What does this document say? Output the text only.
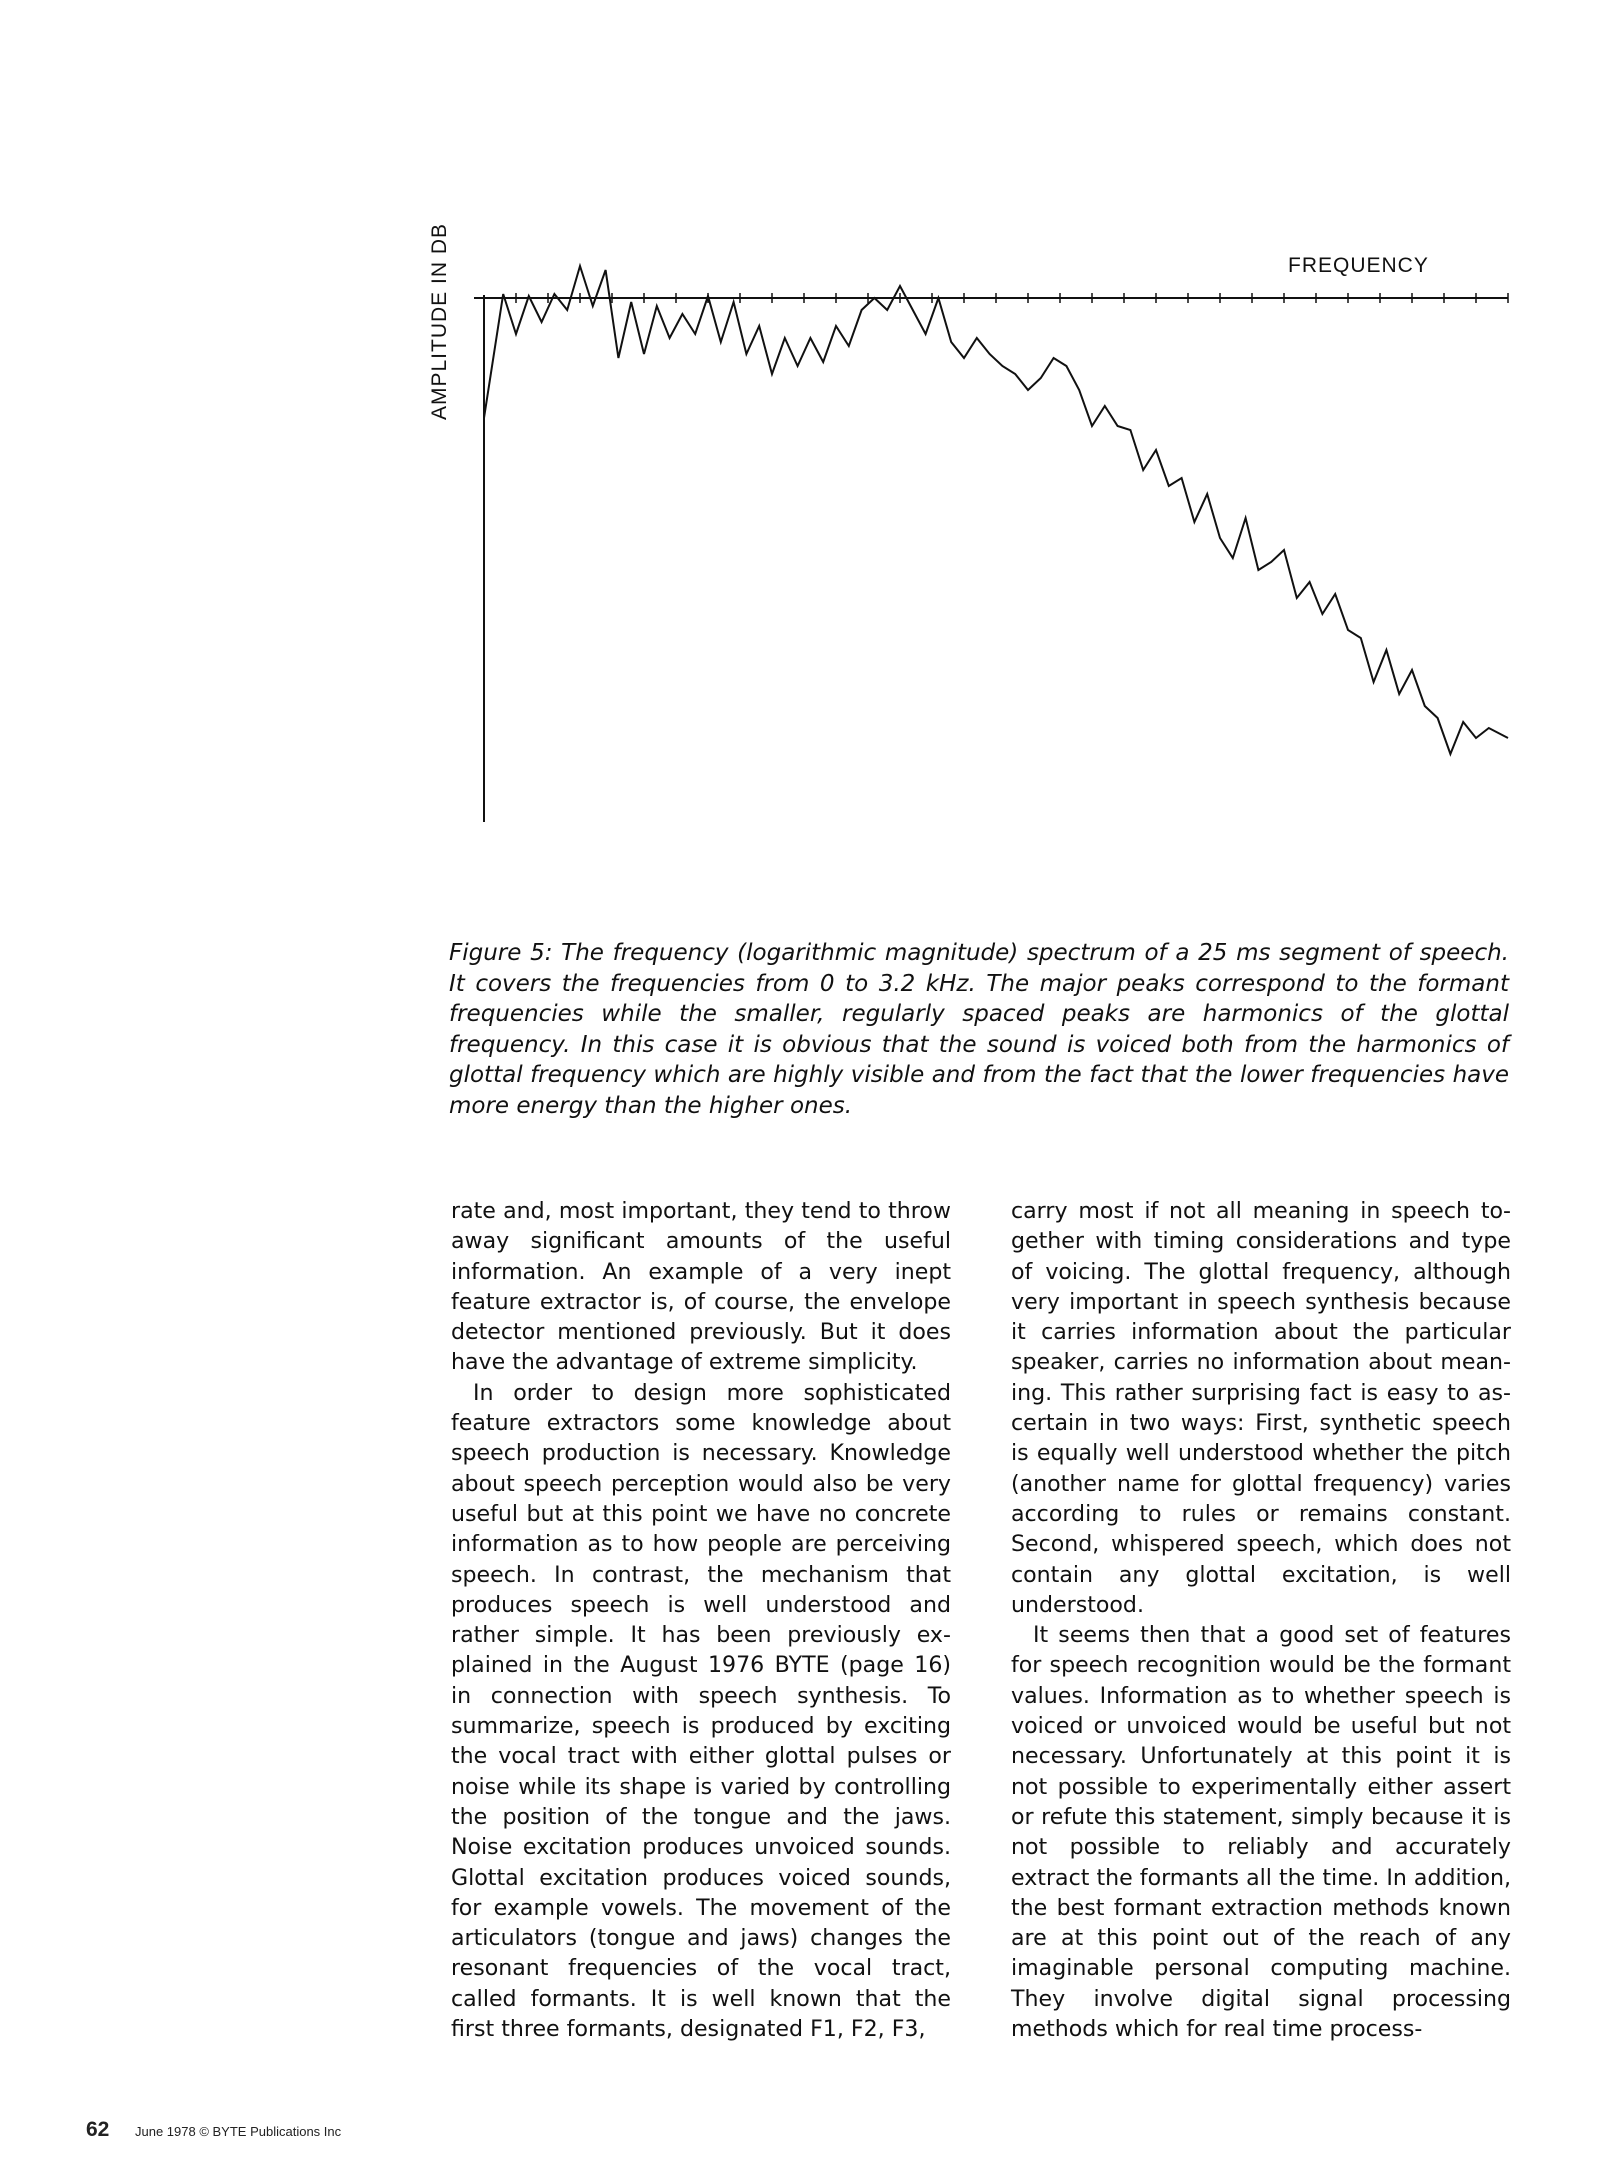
AMPLITUDE IN DB	FREQUENCY

Figure 5: The frequency (logarithmic magnitude) spectrum of a 25 ms segment of speech. It covers the frequencies from 0 to 3.2 kHz. The major peaks correspond to the formant frequencies while the smaller, regularly spaced peaks are harmonics of the glottal frequency. In this case it is obvious that the sound is voiced both from the harmonics of glottal frequency which are highly visible and from the fact that the lower frequencies have more energy than the higher ones.

rate and, most important, they tend to throw away significant amounts of the useful information. An example of a very inept feature extractor is, of course, the envelope detector mentioned previously. But it does have the advantage of extreme simplicity.

In order to design more sophisticated feature extractors some knowledge about speech production is necessary. Knowledge about speech perception would also be very useful but at this point we have no concrete information as to how people are perceiving speech. In contrast, the mechanism that produces speech is well understood and rather simple. It has been previously explained in the August 1976 BYTE (page 16) in connection with speech synthesis. To summarize, speech is produced by exciting the vocal tract with either glottal pulses or noise while its shape is varied by controlling the position of the tongue and the jaws. Noise excitation produces unvoiced sounds. Glottal excitation produces voiced sounds, for example vowels. The movement of the articulators (tongue and jaws) changes the resonant frequencies of the vocal tract, called formants. It is well known that the first three formants, designated F1, F2, F3,

carry most if not all meaning in speech together with timing considerations and type of voicing. The glottal frequency, although very important in speech synthesis because it carries information about the particular speaker, carries no information about meaning. This rather surprising fact is easy to ascertain in two ways: First, synthetic speech is equally well understood whether the pitch (another name for glottal frequency) varies according to rules or remains constant. Second, whispered speech, which does not contain any glottal excitation, is well understood.

It seems then that a good set of features for speech recognition would be the formant values. Information as to whether speech is voiced or unvoiced would be useful but not necessary. Unfortunately at this point it is not possible to experimentally either assert or refute this statement, simply because it is not possible to reliably and accurately extract the formants all the time. In addition, the best formant extraction methods known are at this point out of the reach of any imaginable personal computing machine. They involve digital signal processing methods which for real time process-

62 June 1978 © BYTE Publications Inc
